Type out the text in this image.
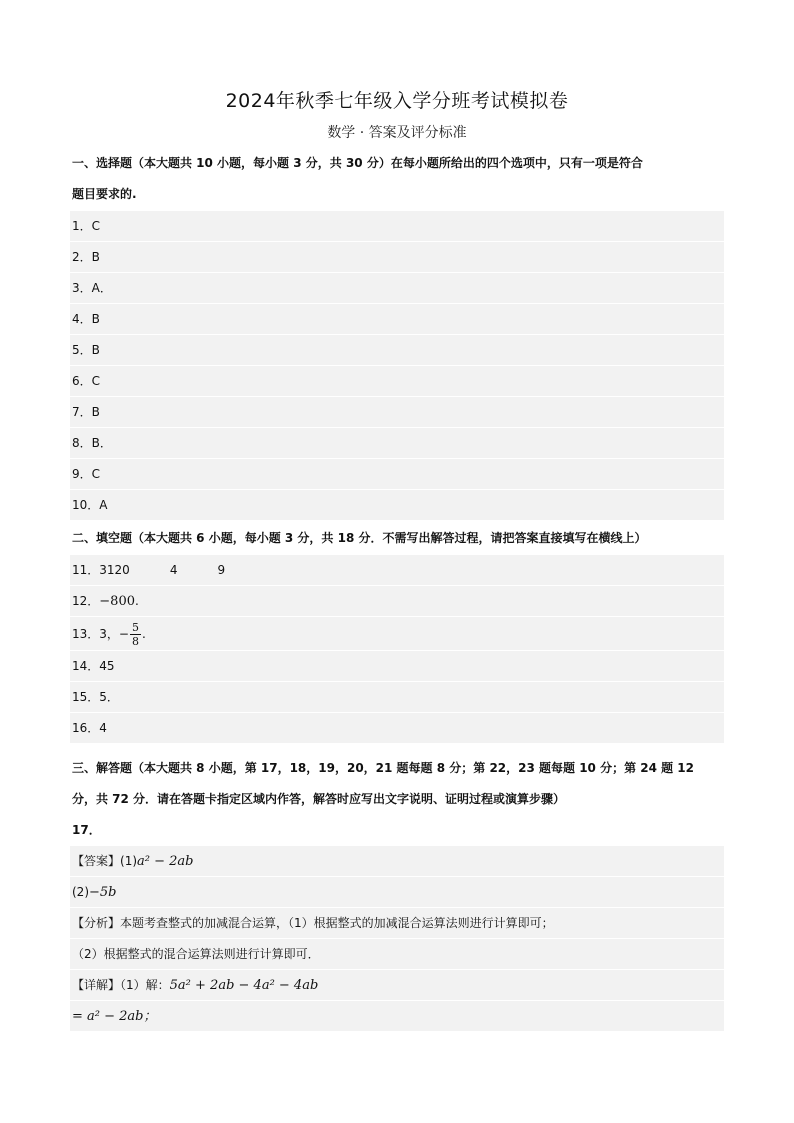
2024年秋季七年级入学分班考试模拟卷
数学 · 答案及评分标准
一、选择题（本大题共 10 小题，每小题 3 分，共 30 分）在每小题所给出的四个选项中，只有一项是符合
题目要求的.
1．C
2．B
3．A．
4．B
5．B
6．C
7．B
8．B．
9．C
10．A
二、填空题（本大题共 6 小题，每小题 3 分，共 18 分．不需写出解答过程，请把答案直接填写在横线上）
11．3120	4	9
12．−800.
13．3，− $\frac{5}{8}$ .
14．45
15．5．
16．4
三、解答题（本大题共 8 小题，第 17，18，19，20，21 题每题 8 分；第 22，23 题每题 10 分；第 24 题 12
分，共 72 分．请在答题卡指定区域内作答，解答时应写出文字说明、证明过程或演算步骤）
17．
【答案】(1)a² − 2ab
(2)−5b
【分析】本题考查整式的加减混合运算，（1）根据整式的加减混合运算法则进行计算即可；
（2）根据整式的混合运算法则进行计算即可．
【详解】（1）解：5a² + 2ab − 4a² − 4ab
= a² − 2ab；
